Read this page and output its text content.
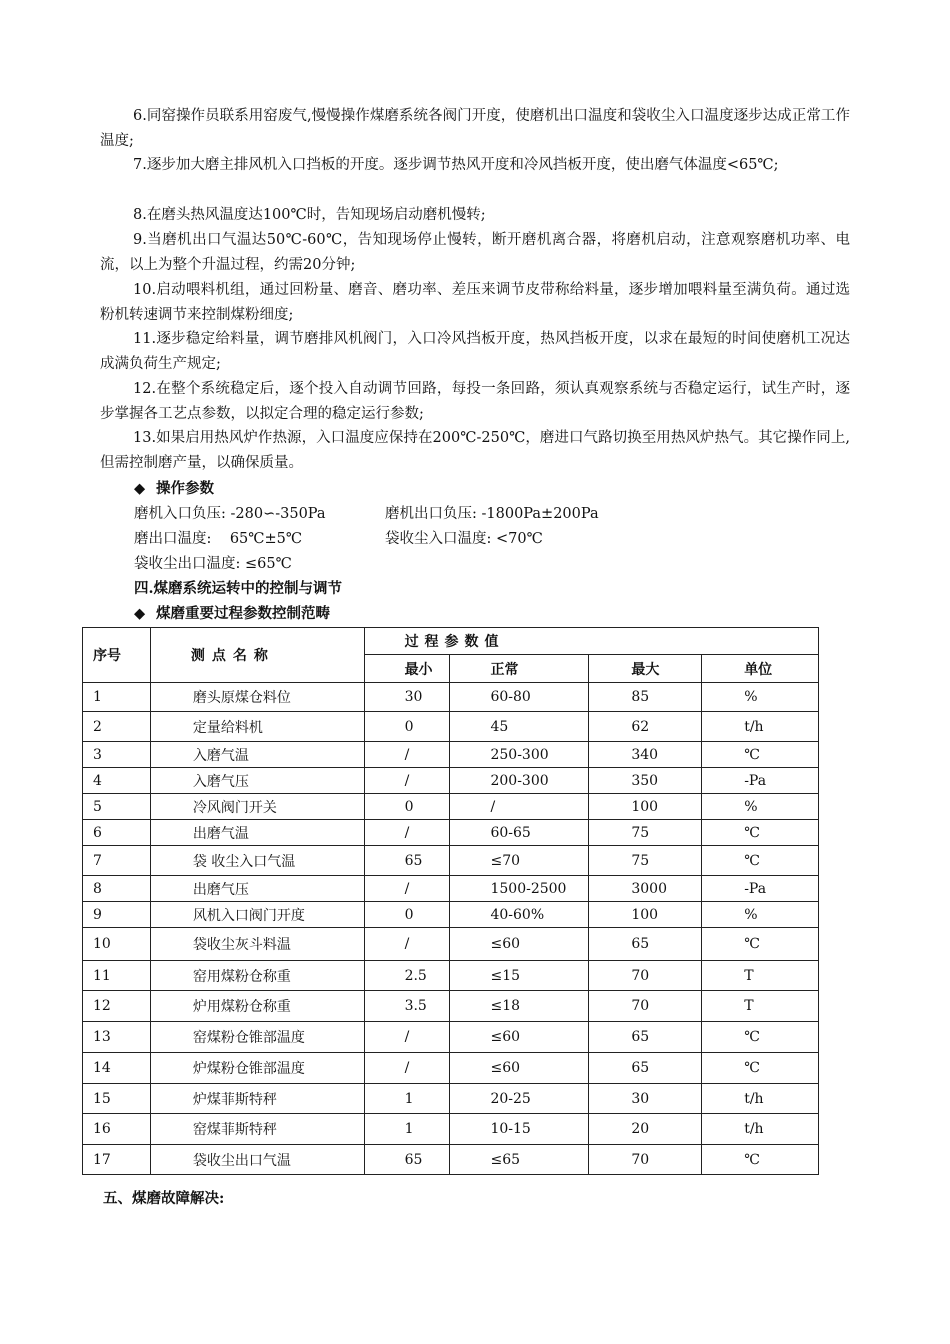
6.同窑操作员联系用窑废气,慢慢操作煤磨系统各阀门开度，使磨机出口温度和袋收尘入口温度逐步达成正常工作温度;

7.逐步加大磨主排风机入口挡板的开度。逐步调节热风开度和冷风挡板开度，使出磨气体温度<65℃;

8.在磨头热风温度达100℃时，告知现场启动磨机慢转;

9.当磨机出口气温达50℃-60℃，告知现场停止慢转，断开磨机离合器，将磨机启动，注意观察磨机功率、电流，以上为整个升温过程，约需20分钟;

10.启动喂料机组，通过回粉量、磨音、磨功率、差压来调节皮带称给料量，逐步增加喂料量至满负荷。通过选粉机转速调节来控制煤粉细度;

11.逐步稳定给料量，调节磨排风机阀门，入口冷风挡板开度，热风挡板开度，以求在最短的时间使磨机工况达成满负荷生产规定;

12.在整个系统稳定后，逐个投入自动调节回路，每投一条回路，须认真观察系统与否稳定运行，试生产时，逐步掌握各工艺点参数，以拟定合理的稳定运行参数;

13.如果启用热风炉作热源，入口温度应保持在200℃-250℃，磨进口气路切换至用热风炉热气。其它操作同上,但需控制磨产量，以确保质量。

◆ 操作参数
磨机入口负压: -280∽-350Pa	磨机出口负压: -1800Pa±200Pa
磨出口温度:    65℃±5℃	袋收尘入口温度: <70℃
袋收尘出口温度: ≤65℃
四.煤磨系统运转中的控制与调节
◆ 煤磨重要过程参数控制范畴
序号	测点名称	过程参数值			
		最小	正常	最大	单位
1	磨头原煤仓料位	30	60-80	85	%
2	定量给料机	0	45	62	t/h
3	入磨气温	/	250-300	340	℃
4	入磨气压	/	200-300	350	-Pa
5	冷风阀门开关	0	/	100	%
6	出磨气温	/	60-65	75	℃
7	袋 收尘入口气温	65	≤70	75	℃
8	出磨气压	/	1500-2500	3000	-Pa
9	风机入口阀门开度	0	40-60%	100	%
10	袋收尘灰斗料温	/	≤60	65	℃
11	窑用煤粉仓称重	2.5	≤15	70	T
12	炉用煤粉仓称重	3.5	≤18	70	T
13	窑煤粉仓锥部温度	/	≤60	65	℃
14	炉煤粉仓锥部温度	/	≤60	65	℃
15	炉煤菲斯特秤	1	20-25	30	t/h
16	窑煤菲斯特秤	1	10-15	20	t/h
17	袋收尘出口气温	65	≤65	70	℃
五、煤磨故障解决:
